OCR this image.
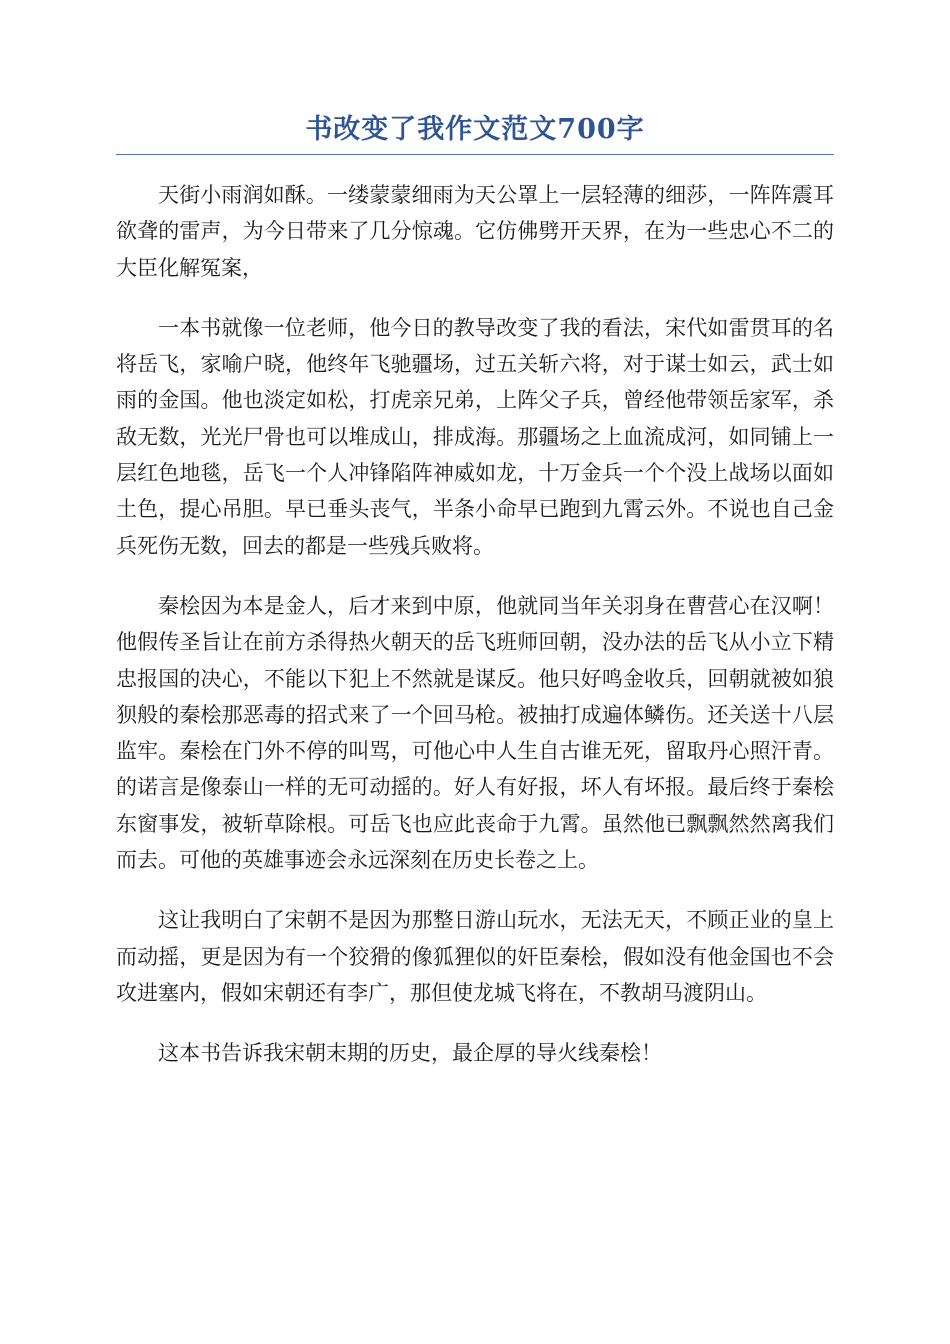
书改变了我作文范文700字

天街小雨润如酥。一缕蒙蒙细雨为天公罩上一层轻薄的细莎，一阵阵震耳欲聋的雷声，为今日带来了几分惊魂。它仿佛劈开天界，在为一些忠心不二的大臣化解冤案，

一本书就像一位老师，他今日的教导改变了我的看法，宋代如雷贯耳的名将岳飞，家喻户晓，他终年飞驰疆场，过五关斩六将，对于谋士如云，武士如雨的金国。他也淡定如松，打虎亲兄弟，上阵父子兵，曾经他带领岳家军，杀敌无数，光光尸骨也可以堆成山，排成海。那疆场之上血流成河，如同铺上一层红色地毯，岳飞一个人冲锋陷阵神威如龙，十万金兵一个个没上战场以面如土色，提心吊胆。早已垂头丧气，半条小命早已跑到九霄云外。不说也自己金兵死伤无数，回去的都是一些残兵败将。

秦桧因为本是金人，后才来到中原，他就同当年关羽身在曹营心在汉啊！他假传圣旨让在前方杀得热火朝天的岳飞班师回朝，没办法的岳飞从小立下精忠报国的决心，不能以下犯上不然就是谋反。他只好鸣金收兵，回朝就被如狼狈般的秦桧那恶毒的招式来了一个回马枪。被抽打成遍体鳞伤。还关送十八层监牢。秦桧在门外不停的叫骂，可他心中人生自古谁无死，留取丹心照汗青。的诺言是像泰山一样的无可动摇的。好人有好报，坏人有坏报。最后终于秦桧东窗事发，被斩草除根。可岳飞也应此丧命于九霄。虽然他已飘飘然然离我们而去。可他的英雄事迹会永远深刻在历史长卷之上。

这让我明白了宋朝不是因为那整日游山玩水，无法无天，不顾正业的皇上而动摇，更是因为有一个狡猾的像狐狸似的奸臣秦桧，假如没有他金国也不会攻进塞内，假如宋朝还有李广，那但使龙城飞将在，不教胡马渡阴山。

这本书告诉我宋朝末期的历史，最企厚的导火线秦桧！
